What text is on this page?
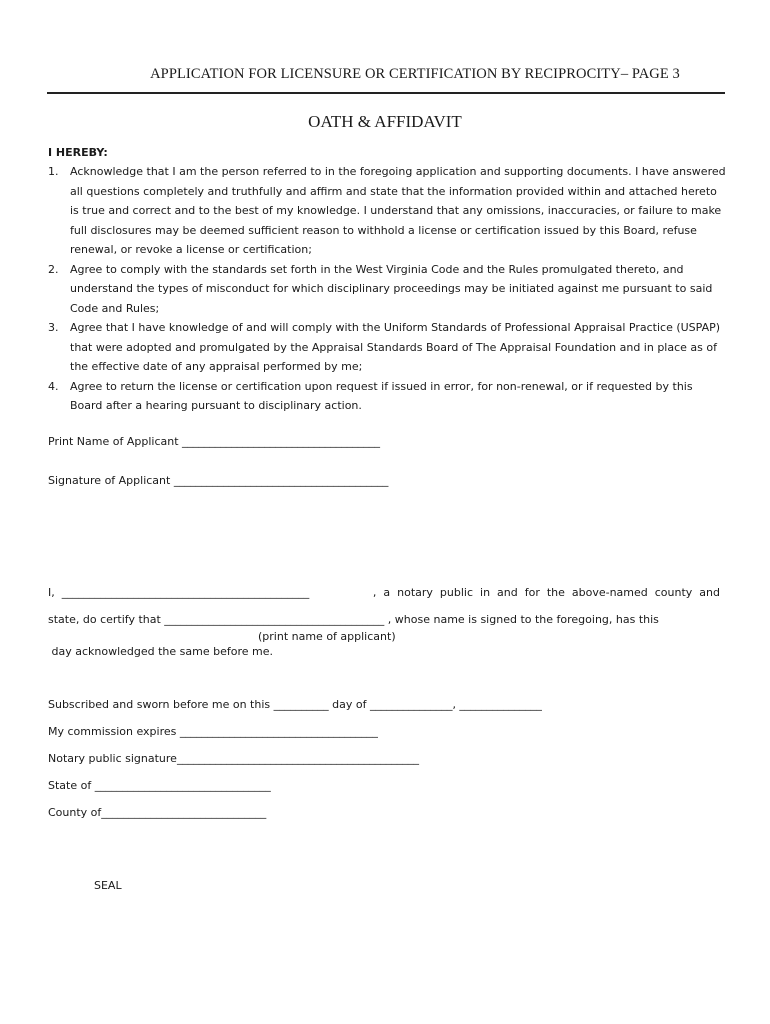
APPLICATION FOR LICENSURE OR CERTIFICATION BY RECIPROCITY– PAGE 3
OATH & AFFIDAVIT
I HEREBY:
1. Acknowledge that I am the person referred to in the foregoing application and supporting documents. I have answered all questions completely and truthfully and affirm and state that the information provided within and attached hereto is true and correct and to the best of my knowledge. I understand that any omissions, inaccuracies, or failure to make full disclosures may be deemed sufficient reason to withhold a license or certification issued by this Board, refuse renewal, or revoke a license or certification;
2. Agree to comply with the standards set forth in the West Virginia Code and the Rules promulgated thereto, and understand the types of misconduct for which disciplinary proceedings may be initiated against me pursuant to said Code and Rules;
3. Agree that I have knowledge of and will comply with the Uniform Standards of Professional Appraisal Practice (USPAP) that were adopted and promulgated by the Appraisal Standards Board of The Appraisal Foundation and in place as of the effective date of any appraisal performed by me;
4. Agree to return the license or certification upon request if issued in error, for non-renewal, or if requested by this Board after a hearing pursuant to disciplinary action.
Print Name of Applicant ____________________________________
Signature of Applicant _______________________________________
I,  _____________________________________________	,  a  notary  public  in  and  for  the  above-named  county  and
state, do certify that ________________________________________ , whose name is signed to the foregoing, has this
(print name of applicant)
day acknowledged the same before me.
Subscribed and sworn before me on this __________ day of _______________, _______________
My commission expires ____________________________________
Notary public signature____________________________________________
State of ________________________________
County of______________________________
SEAL
